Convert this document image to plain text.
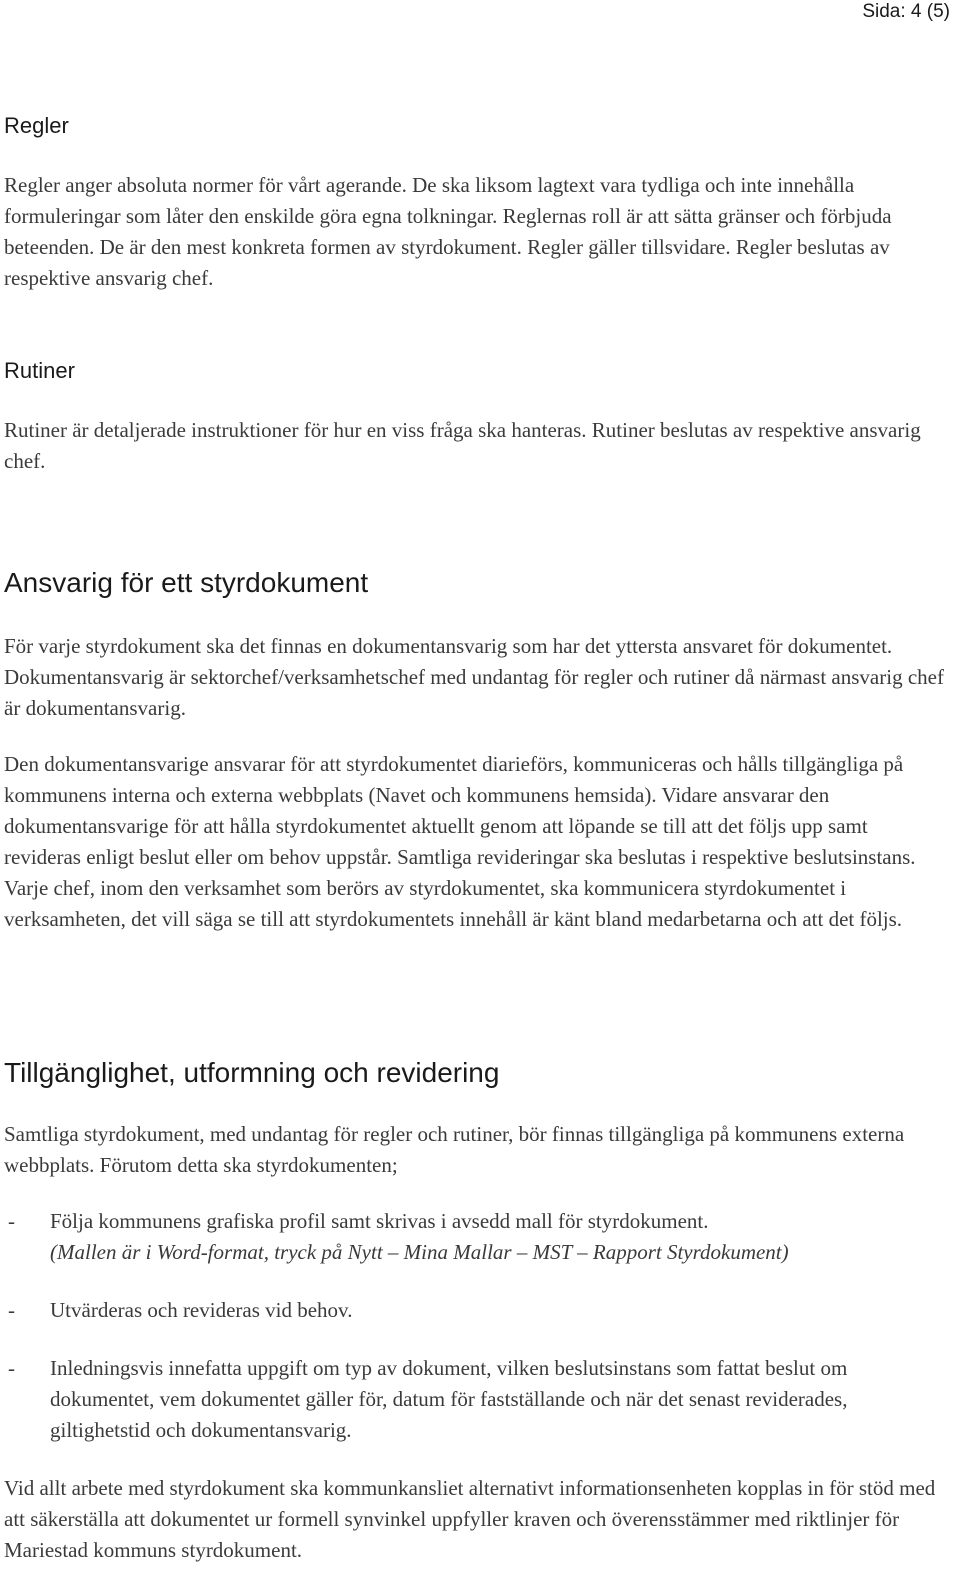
Sida: 4 (5)
Regler

Regler anger absoluta normer för vårt agerande. De ska liksom lagtext vara tydliga och inte innehålla formuleringar som låter den enskilde göra egna tolkningar. Reglernas roll är att sätta gränser och förbjuda beteenden. De är den mest konkreta formen av styrdokument. Regler gäller tillsvidare. Regler beslutas av respektive ansvarig chef.

Rutiner

Rutiner är detaljerade instruktioner för hur en viss fråga ska hanteras. Rutiner beslutas av respektive ansvarig chef.

Ansvarig för ett styrdokument

För varje styrdokument ska det finnas en dokumentansvarig som har det yttersta ansvaret för dokumentet. Dokumentansvarig är sektorchef/verksamhetschef med undantag för regler och rutiner då närmast ansvarig chef är dokumentansvarig.

Den dokumentansvarige ansvarar för att styrdokumentet diarieförs, kommuniceras och hålls tillgängliga på kommunens interna och externa webbplats (Navet och kommunens hemsida). Vidare ansvarar den dokumentansvarige för att hålla styrdokumentet aktuellt genom att löpande se till att det följs upp samt revideras enligt beslut eller om behov uppstår. Samtliga revideringar ska beslutas i respektive beslutsinstans. Varje chef, inom den verksamhet som berörs av styrdokumentet, ska kommunicera styrdokumentet i verksamheten, det vill säga se till att styrdokumentets innehåll är känt bland medarbetarna och att det följs.

Tillgänglighet, utformning och revidering

Samtliga styrdokument, med undantag för regler och rutiner, bör finnas tillgängliga på kommunens externa webbplats. Förutom detta ska styrdokumenten;

- Följa kommunens grafiska profil samt skrivas i avsedd mall för styrdokument.
(Mallen är i Word-format, tryck på Nytt – Mina Mallar – MST – Rapport Styrdokument)
- Utvärderas och revideras vid behov.
- Inledningsvis innefatta uppgift om typ av dokument, vilken beslutsinstans som fattat beslut om dokumentet, vem dokumentet gäller för, datum för fastställande och när det senast reviderades, giltighetstid och dokumentansvarig.

Vid allt arbete med styrdokument ska kommunkansliet alternativt informationsenheten kopplas in för stöd med att säkerställa att dokumentet ur formell synvinkel uppfyller kraven och överensstämmer med riktlinjer för Mariestad kommuns styrdokument.
